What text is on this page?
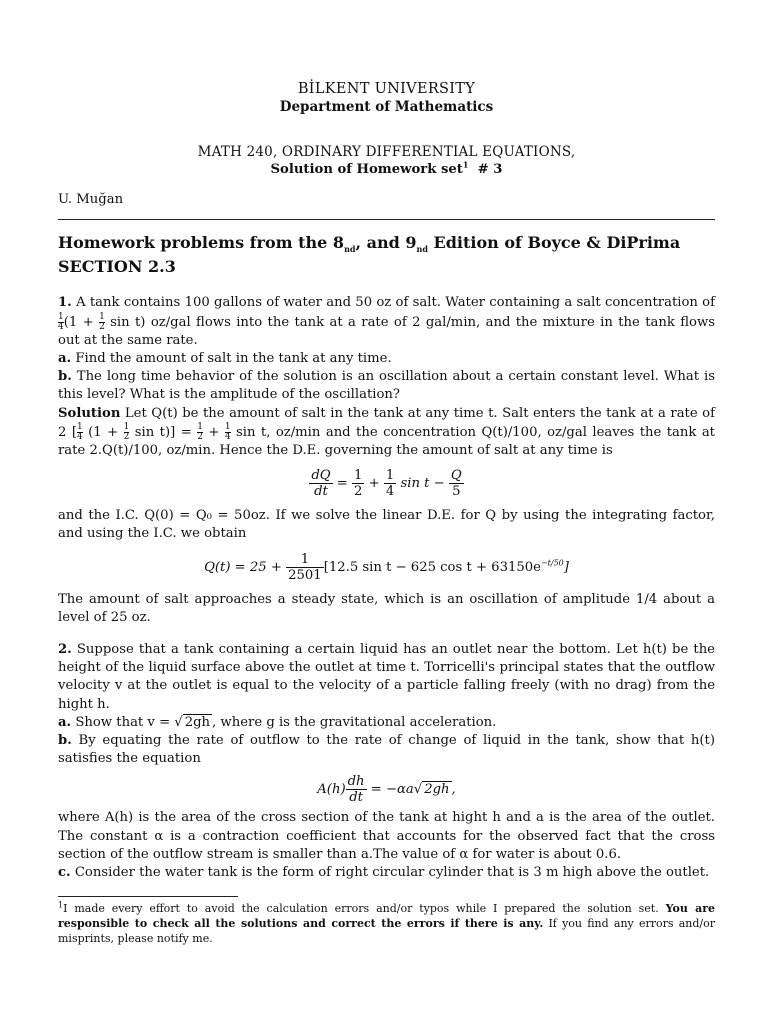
BİLKENT UNIVERSITY
Department of Mathematics
MATH 240, ORDINARY DIFFERENTIAL EQUATIONS,
Solution of Homework set$^1$ # 3
U. Muğan
Homework problems from the $8_{nd}$, and $9_{nd}$ Edition of Boyce & DiPrima
SECTION 2.3

1. A tank contains 100 gallons of water and 50 oz of salt. Water containing a salt concentration of
$\frac{1}{4} (1 + \frac{1}{2}$ sin t) oz/gal flows into the tank at a rate of 2 gal/min, and the mixture in the tank flows out at the same rate.

a. Find the amount of salt in the tank at any time.

b. The long time behavior of the solution is an oscillation about a certain constant level. What is this level? What is the amplitude of the oscillation?

Solution Let Q(t) be the amount of salt in the tank at any time t. Salt enters the tank at a rate of 2 [ $\frac{1}{4} (1 + \frac{1}{2}$ $\sin t)] = \frac{1}{2} + \frac{1}{4}$ sin t, oz/min and the concentration Q(t)/100, oz/gal leaves the tank at rate 2.Q(t)/100, oz/min. Hence the D.E. governing the amount of salt at any time is

$\frac{dQ}{dt} = \frac{1}{2} + \frac{1}{4}$ $\sin t - \frac{Q}{5}$

and the I.C. Q(0) = Q₀ = 50oz. If we solve the linear D.E. for Q by using the integrating factor, and using the I.C. we obtain

$Q(t) = 25 + \frac{1}{2501} [12.5$ sin t − 625 $\cos t + 63150e^{-t/50}$]

The amount of salt approaches a steady state, which is an oscillation of amplitude 1/4 about a level of 25 oz.

2. Suppose that a tank containing a certain liquid has an outlet near the bottom. Let h(t) be the height of the liquid surface above the outlet at time t. Torricelli's principal states that the outflow velocity v at the outlet is equal to the velocity of a particle falling freely (with no drag) from the hight h.

a. Show that v = √ 2gh , where g is the gravitational acceleration.

b. By equating the rate of outflow to the rate of change of liquid in the tank, show that h(t) satisfies the equation

$A(h) \frac{dh}{dt} = -\alpha a√$ 2gh ,

where A(h) is the area of the cross section of the tank at hight h and a is the area of the outlet. The constant α is a contraction coefficient that accounts for the observed fact that the cross section of the outflow stream is smaller than a.The value of α for water is about 0.6.

c. Consider the water tank is the form of right circular cylinder that is 3 m high above the outlet.

$^1$I made every effort to avoid the calculation errors and/or typos while I prepared the solution set. You are responsible to check all the solutions and correct the errors if there is any. If you find any errors and/or misprints, please notify me.
